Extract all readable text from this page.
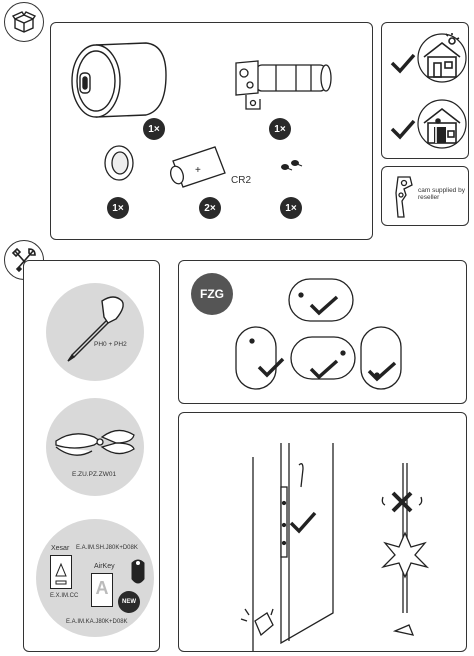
1×	1×
1×
+
CR2
2×	1×
cam supplied by reseller
PH0 + PH2
E.ZU.PZ.ZW01
Xesar E.A.IM.SH.J80K+D08K
E.X.IM.CC
AirKey
A
NEW
E.A.IM.KA.J80K+D08K
FZG
